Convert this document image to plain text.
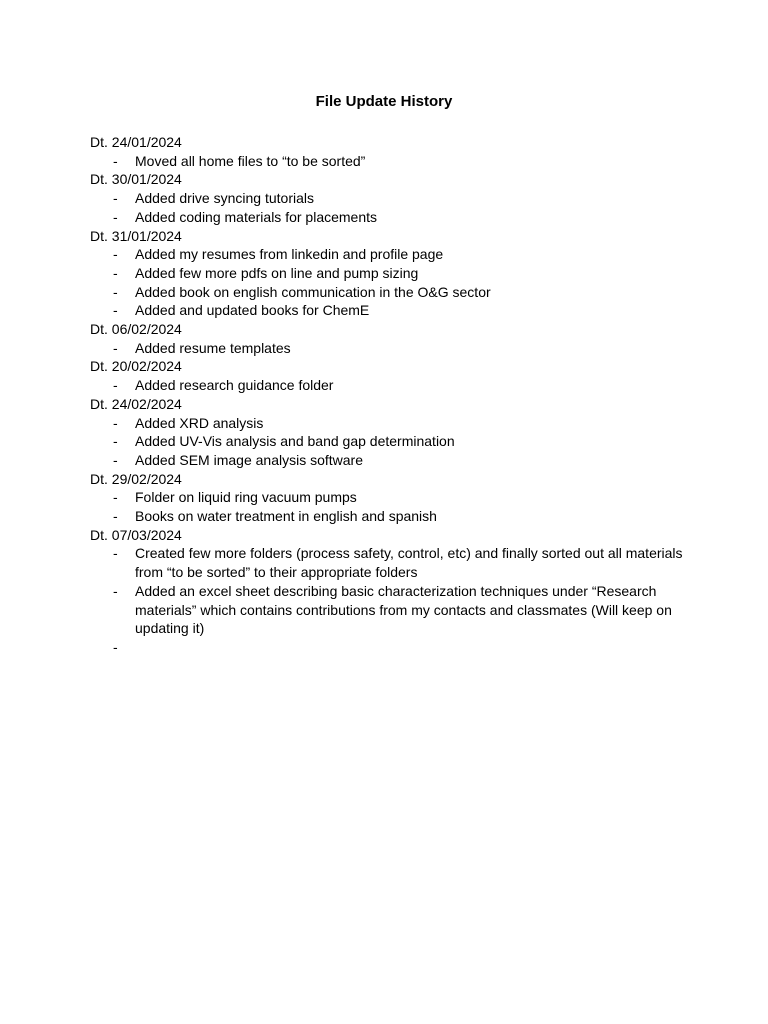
File Update History
Dt. 24/01/2024
- Moved all home files to “to be sorted”
Dt. 30/01/2024
- Added drive syncing tutorials
- Added coding materials for placements
Dt. 31/01/2024
- Added my resumes from linkedin and profile page
- Added few more pdfs on line and pump sizing
- Added book on english communication in the O&G sector
- Added and updated books for ChemE
Dt. 06/02/2024
- Added resume templates
Dt. 20/02/2024
- Added research guidance folder
Dt. 24/02/2024
- Added XRD analysis
- Added UV-Vis analysis and band gap determination
- Added SEM image analysis software
Dt. 29/02/2024
- Folder on liquid ring vacuum pumps
- Books on water treatment in english and spanish
Dt. 07/03/2024
- Created few more folders (process safety, control, etc) and finally sorted out all materials from “to be sorted” to their appropriate folders
- Added an excel sheet describing basic characterization techniques under “Research materials” which contains contributions from my contacts and classmates (Will keep on updating it)
-
